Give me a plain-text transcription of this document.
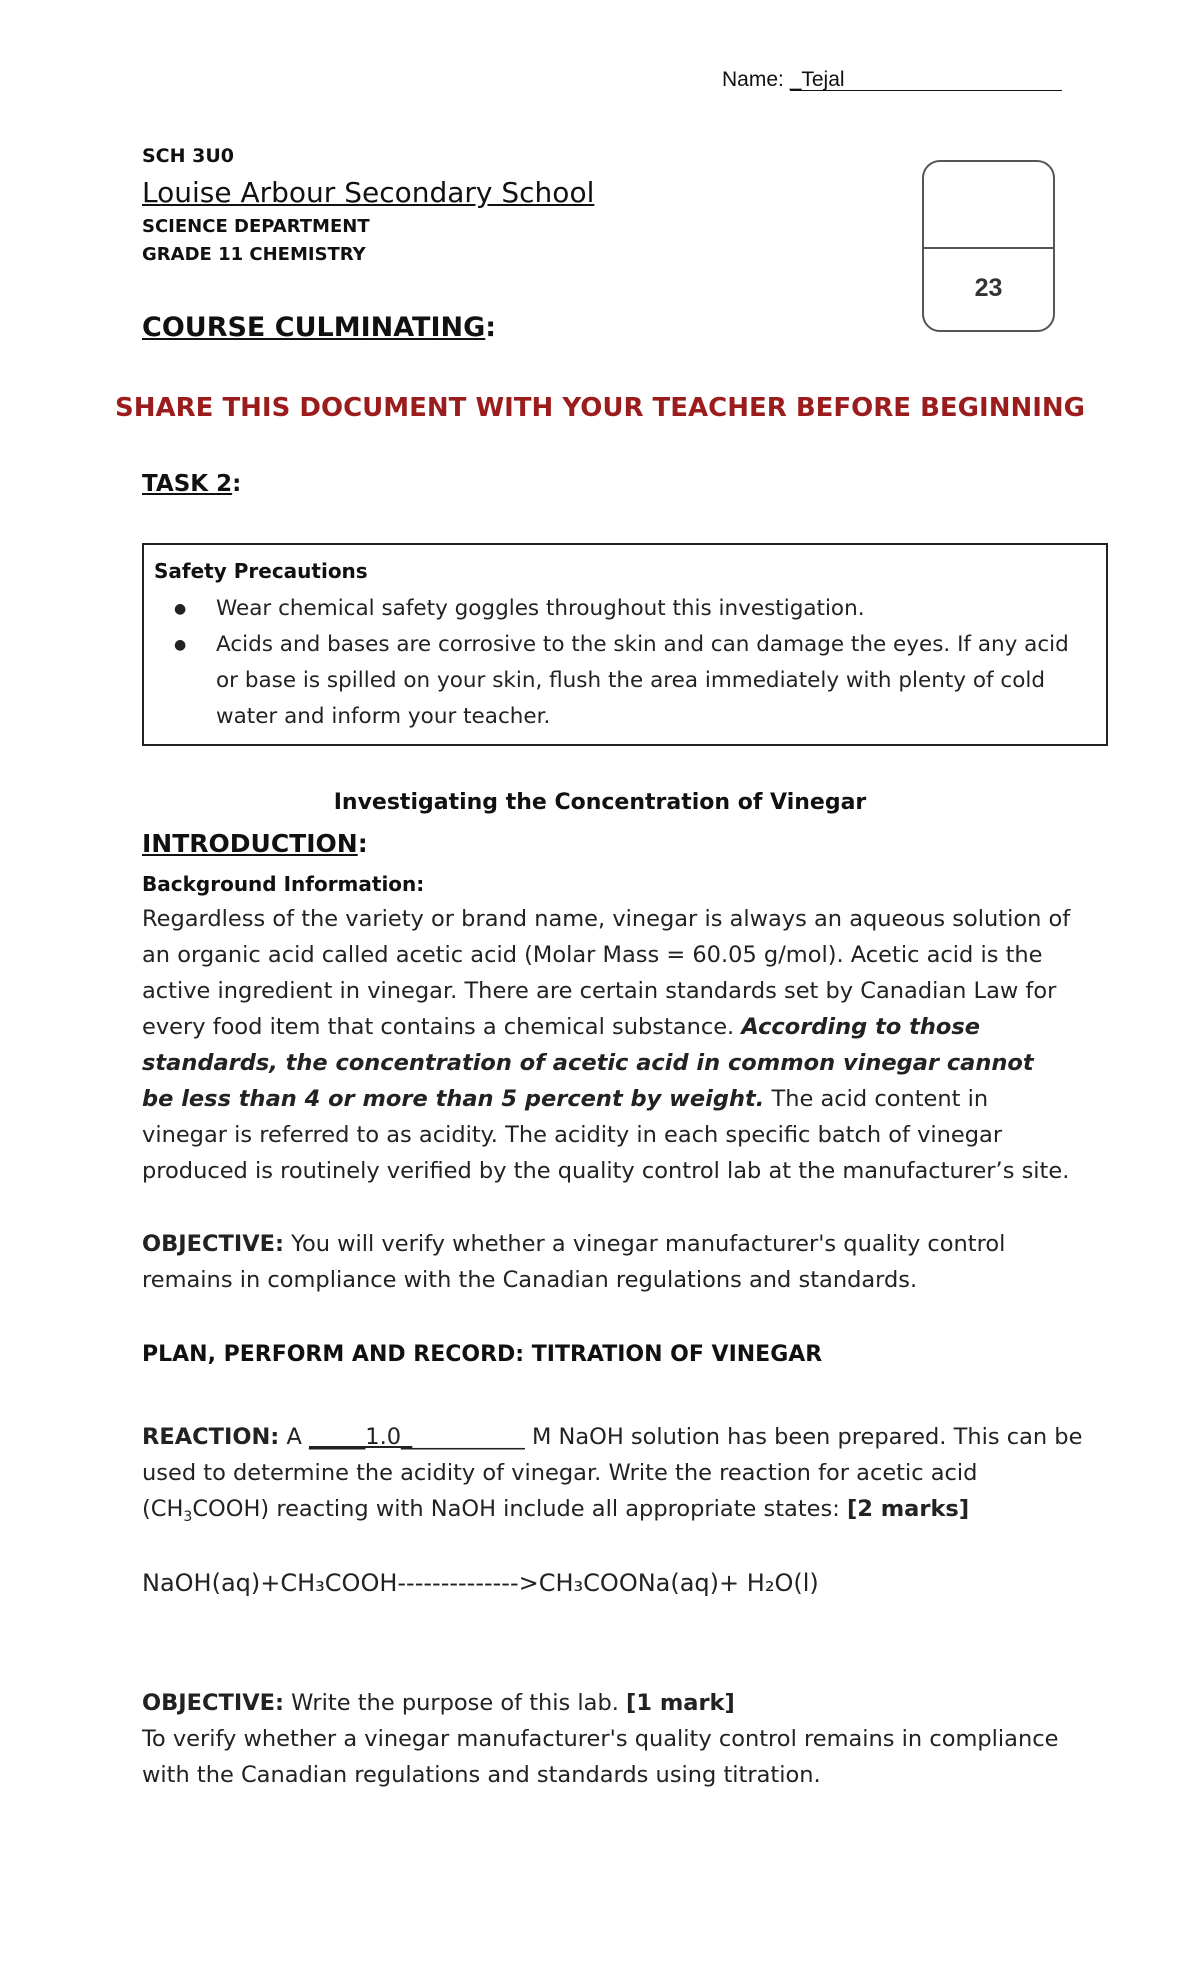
Name: _Tejal
SCH 3U0
Louise Arbour Secondary School
SCIENCE DEPARTMENT
GRADE 11 CHEMISTRY
23
COURSE CULMINATING:
SHARE THIS DOCUMENT WITH YOUR TEACHER BEFORE BEGINNING
TASK 2:
Safety Precautions
● Wear chemical safety goggles throughout this investigation.
● Acids and bases are corrosive to the skin and can damage the eyes. If any acid or base is spilled on your skin, flush the area immediately with plenty of cold water and inform your teacher.
Investigating the Concentration of Vinegar
INTRODUCTION:
Background Information:
Regardless of the variety or brand name, vinegar is always an aqueous solution of an organic acid called acetic acid (Molar Mass = 60.05 g/mol). Acetic acid is the active ingredient in vinegar. There are certain standards set by Canadian Law for every food item that contains a chemical substance. According to those standards, the concentration of acetic acid in common vinegar cannot be less than 4 or more than 5 percent by weight. The acid content in vinegar is referred to as acidity. The acidity in each specific batch of vinegar produced is routinely verified by the quality control lab at the manufacturer’s site.
OBJECTIVE: You will verify whether a vinegar manufacturer's quality control remains in compliance with the Canadian regulations and standards.
PLAN, PERFORM AND RECORD: TITRATION OF VINEGAR
REACTION: A _____1.0___________ M NaOH solution has been prepared. This can be used to determine the acidity of vinegar. Write the reaction for acetic acid $(CH_3COOH)$ reacting with NaOH include all appropriate states: [2 marks]
NaOH(aq)+CH₃COOH-------------->CH₃COONa(aq)+ H₂O(l)
OBJECTIVE: Write the purpose of this lab. [1 mark]
To verify whether a vinegar manufacturer's quality control remains in compliance with the Canadian regulations and standards using titration.
